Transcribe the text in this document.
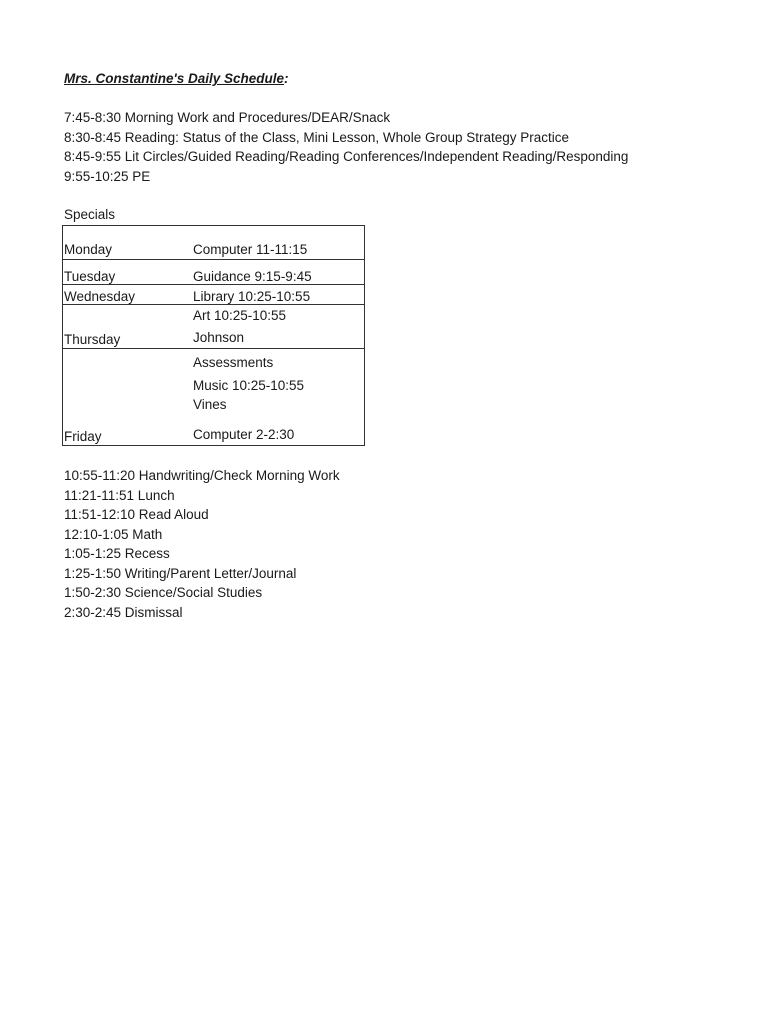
Mrs. Constantine's Daily Schedule:
7:45-8:30 Morning Work and Procedures/DEAR/Snack
8:30-8:45 Reading: Status of the Class, Mini Lesson, Whole Group Strategy Practice
8:45-9:55 Lit Circles/Guided Reading/Reading Conferences/Independent Reading/Responding
9:55-10:25 PE
Specials
Monday	Computer 11-11:15

Tuesday	Guidance 9:15-9:45

Wednesday	Library 10:25-10:55

Thursday	Art 10:25-10:55
Johnson

Friday	Assessments
Music 10:25-10:55
Vines
Computer 2-2:30
10:55-11:20 Handwriting/Check Morning Work
11:21-11:51 Lunch
11:51-12:10 Read Aloud
12:10-1:05 Math
1:05-1:25 Recess
1:25-1:50 Writing/Parent Letter/Journal
1:50-2:30 Science/Social Studies
2:30-2:45 Dismissal
